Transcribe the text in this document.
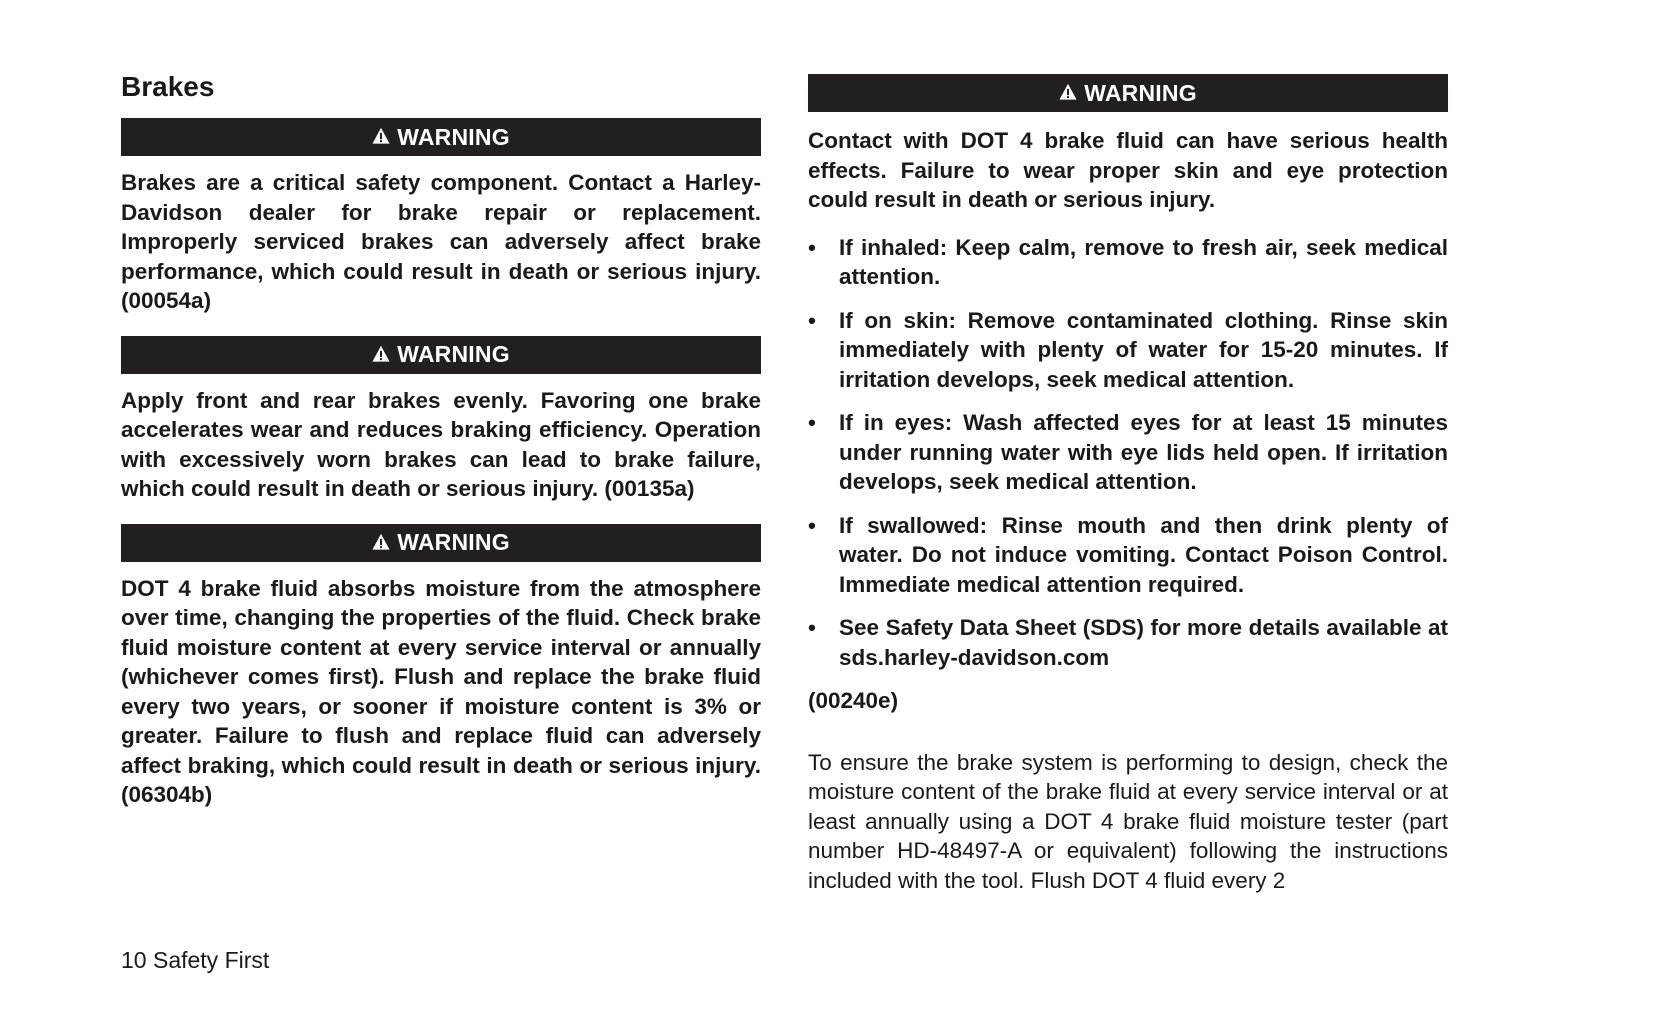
Brakes
WARNING

Brakes are a critical safety component. Contact a Harley-Davidson dealer for brake repair or replacement. Improperly serviced brakes can adversely affect brake performance, which could result in death or serious injury. (00054a)

WARNING

Apply front and rear brakes evenly. Favoring one brake accelerates wear and reduces braking efficiency. Operation with excessively worn brakes can lead to brake failure, which could result in death or serious injury. (00135a)

WARNING

DOT 4 brake fluid absorbs moisture from the atmosphere over time, changing the properties of the fluid. Check brake fluid moisture content at every service interval or annually (whichever comes first). Flush and replace the brake fluid every two years, or sooner if moisture content is 3% or greater. Failure to flush and replace fluid can adversely affect braking, which could result in death or serious injury. (06304b)

WARNING

Contact with DOT 4 brake fluid can have serious health effects. Failure to wear proper skin and eye protection could result in death or serious injury.

• If inhaled: Keep calm, remove to fresh air, seek medical attention.
• If on skin: Remove contaminated clothing. Rinse skin immediately with plenty of water for 15-20 minutes. If irritation develops, seek medical attention.
• If in eyes: Wash affected eyes for at least 15 minutes under running water with eye lids held open. If irritation develops, seek medical attention.
• If swallowed: Rinse mouth and then drink plenty of water. Do not induce vomiting. Contact Poison Control. Immediate medical attention required.
• See Safety Data Sheet (SDS) for more details available at sds.harley-davidson.com
(00240e)

To ensure the brake system is performing to design, check the moisture content of the brake fluid at every service interval or at least annually using a DOT 4 brake fluid moisture tester (part number HD-48497-A or equivalent) following the instructions included with the tool. Flush DOT 4 fluid every 2

10 Safety First
